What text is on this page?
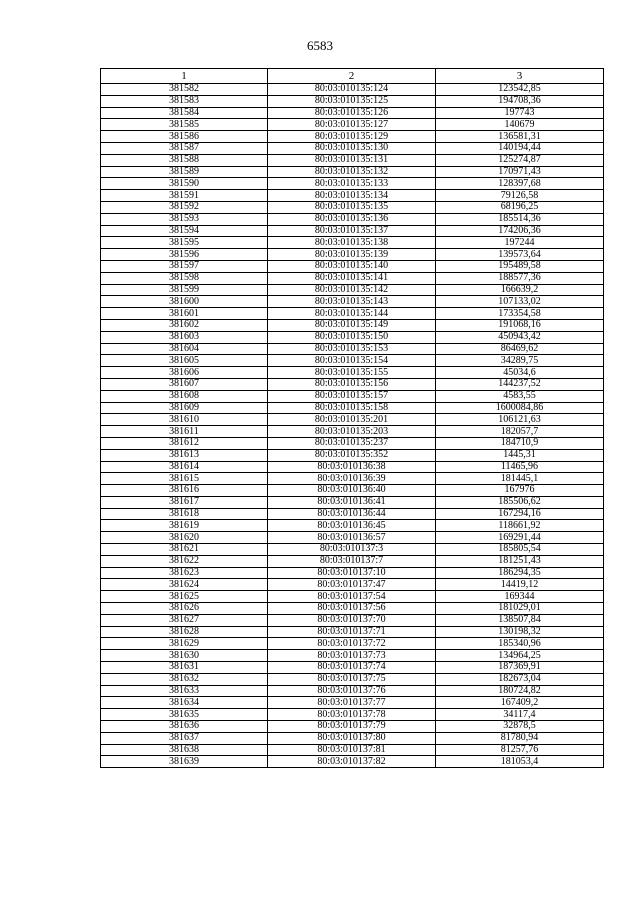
6583
1	2	3
381582	80:03:010135:124	123542,85
381583	80:03:010135:125	194708,36
381584	80:03:010135:126	197743
381585	80:03:010135:127	140679
381586	80:03:010135:129	136581,31
381587	80:03:010135:130	140194,44
381588	80:03:010135:131	125274,87
381589	80:03:010135:132	170971,43
381590	80:03:010135:133	128397,68
381591	80:03:010135:134	79126,58
381592	80:03:010135:135	68196,25
381593	80:03:010135:136	185514,36
381594	80:03:010135:137	174206,36
381595	80:03:010135:138	197244
381596	80:03:010135:139	139573,64
381597	80:03:010135:140	195489,58
381598	80:03:010135:141	188577,36
381599	80:03:010135:142	166639,2
381600	80:03:010135:143	107133,02
381601	80:03:010135:144	173354,58
381602	80:03:010135:149	191068,16
381603	80:03:010135:150	450943,42
381604	80:03:010135:153	86469,62
381605	80:03:010135:154	34289,75
381606	80:03:010135:155	45034,6
381607	80:03:010135:156	144237,52
381608	80:03:010135:157	4583,55
381609	80:03:010135:158	1600084,86
381610	80:03:010135:201	106121,63
381611	80:03:010135:203	182057,7
381612	80:03:010135:237	184710,9
381613	80:03:010135:352	1445,31
381614	80:03:010136:38	11465,96
381615	80:03:010136:39	181445,1
381616	80:03:010136:40	167976
381617	80:03:010136:41	185506,62
381618	80:03:010136:44	167294,16
381619	80:03:010136:45	118661,92
381620	80:03:010136:57	169291,44
381621	80:03:010137:3	185805,54
381622	80:03:010137:7	181251,43
381623	80:03:010137:10	186294,35
381624	80:03:010137:47	14419,12
381625	80:03:010137:54	169344
381626	80:03:010137:56	181029,01
381627	80:03:010137:70	138507,84
381628	80:03:010137:71	130198,32
381629	80:03:010137:72	185340,96
381630	80:03:010137:73	134964,25
381631	80:03:010137:74	187369,91
381632	80:03:010137:75	182673,04
381633	80:03:010137:76	180724,82
381634	80:03:010137:77	167409,2
381635	80:03:010137:78	34117,4
381636	80:03:010137:79	32878,5
381637	80:03:010137:80	81780,94
381638	80:03:010137:81	81257,76
381639	80:03:010137:82	181053,4
